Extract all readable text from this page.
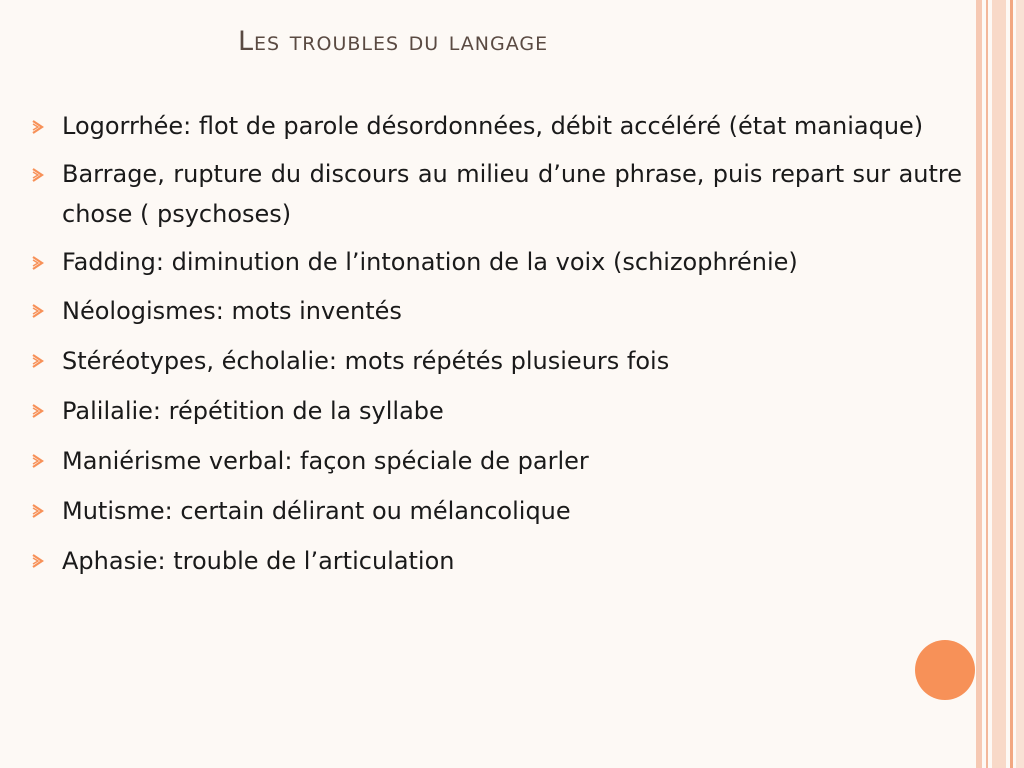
Les troubles du langage
Logorrhée: flot de parole désordonnées, débit accéléré (état maniaque)
Barrage, rupture du discours au milieu d’une phrase, puis repart sur autre chose ( psychoses)
Fadding: diminution de l’intonation de la voix (schizophrénie)
Néologismes: mots inventés
Stéréotypes, écholalie: mots répétés plusieurs fois
Palilalie: répétition de la syllabe
Maniérisme verbal: façon spéciale de parler
Mutisme: certain délirant ou mélancolique
Aphasie: trouble de l’articulation
